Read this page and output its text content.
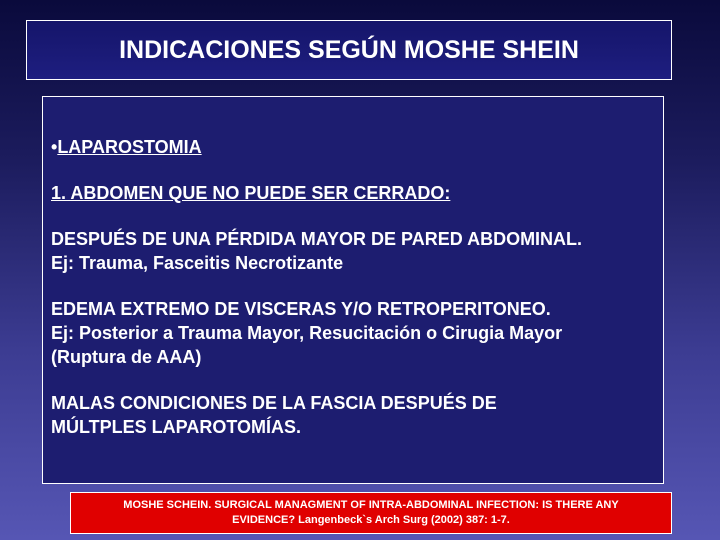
INDICACIONES SEGÚN MOSHE SHEIN

•LAPAROSTOMIA

1. ABDOMEN QUE NO PUEDE SER CERRADO:

DESPUÉS DE UNA PÉRDIDA MAYOR DE PARED ABDOMINAL.

Ej: Trauma, Fasceitis Necrotizante

EDEMA EXTREMO DE VISCERAS Y/O RETROPERITONEO.

Ej: Posterior a Trauma Mayor, Resucitación o Cirugia Mayor

(Ruptura de AAA)

MALAS CONDICIONES DE LA FASCIA DESPUÉS DE

MÚLTPLES LAPAROTOMÍAS.

MOSHE SCHEIN. SURGICAL MANAGMENT OF INTRA-ABDOMINAL INFECTION: IS THERE ANY
EVIDENCE? Langenbeck`s Arch Surg (2002) 387: 1-7.
